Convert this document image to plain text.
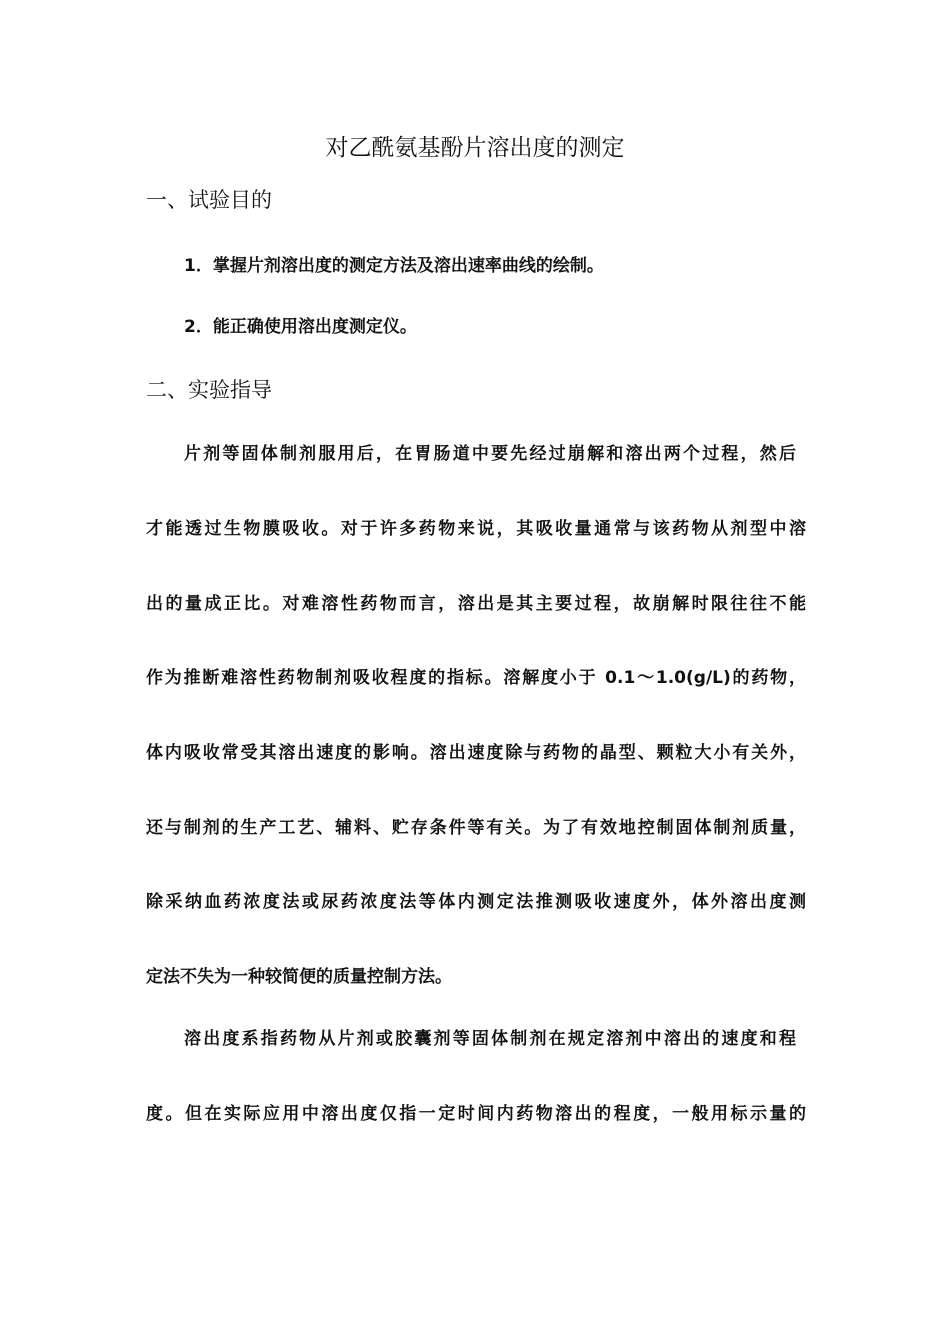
对乙酰氨基酚片溶出度的测定
一、试验目的
1．掌握片剂溶出度的测定方法及溶出速率曲线的绘制。
2．能正确使用溶出度测定仪。
二、实验指导
片剂等固体制剂服用后，在胃肠道中要先经过崩解和溶出两个过程，然后
才能透过生物膜吸收。对于许多药物来说，其吸收量通常与该药物从剂型中溶
出的量成正比。对难溶性药物而言，溶出是其主要过程，故崩解时限往往不能
作为推断难溶性药物制剂吸收程度的指标。溶解度小于 0.1～1.0(g/L)的药物，
体内吸收常受其溶出速度的影响。溶出速度除与药物的晶型、颗粒大小有关外，
还与制剂的生产工艺、辅料、贮存条件等有关。为了有效地控制固体制剂质量，
除采纳血药浓度法或尿药浓度法等体内测定法推测吸收速度外，体外溶出度测
定法不失为一种较简便的质量控制方法。
溶出度系指药物从片剂或胶囊剂等固体制剂在规定溶剂中溶出的速度和程
度。但在实际应用中溶出度仅指一定时间内药物溶出的程度，一般用标示量的
